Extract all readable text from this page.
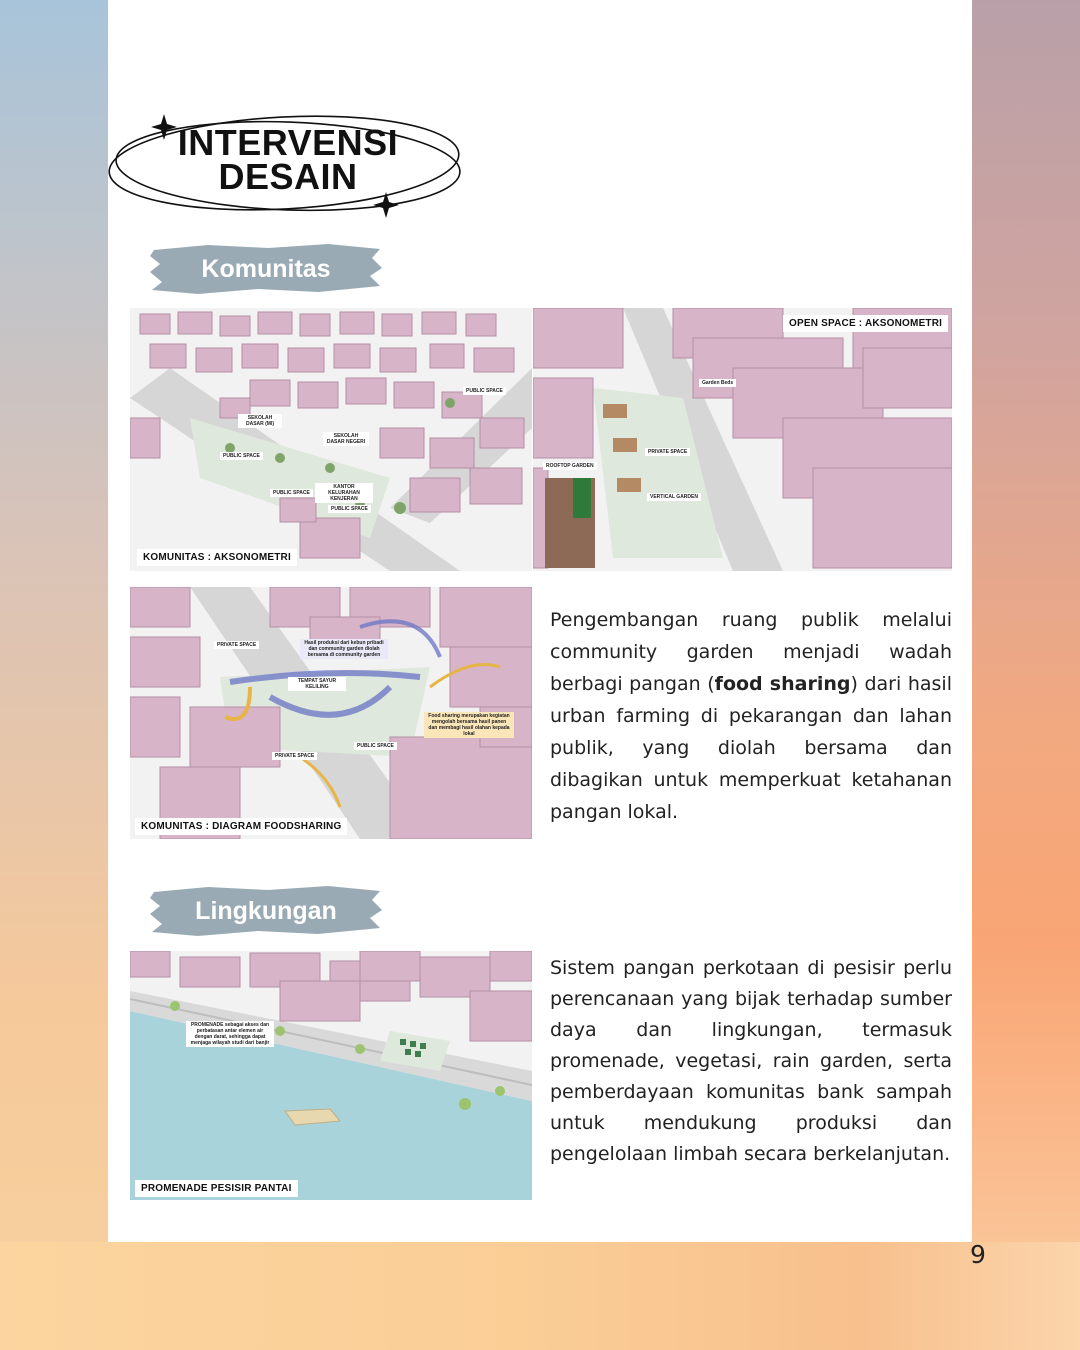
INTERVENSI
DESAIN
Komunitas
PUBLIC SPACE
SEKOLAH DASAR (MI)
SEKOLAH DASAR NEGERI
PUBLIC SPACE
PUBLIC SPACE
KANTOR KELURAHAN KENJERAN
PUBLIC SPACE
KOMUNITAS : AKSONOMETRI
OPEN SPACE : AKSONOMETRI
Garden Beds
PRIVATE SPACE
ROOFTOP GARDEN
VERTICAL GARDEN
PRIVATE SPACE	Hasil produksi dari kebun pribadi dan community garden diolah bersama di community garden
TEMPAT SAYUR KELILING
Food sharing merupakan kegiatan mengolah bersama hasil panen dan membagi hasil olahan kepada lokal
PRIVATE SPACE
PUBLIC SPACE
KOMUNITAS : DIAGRAM FOODSHARING
Pengembangan ruang publik melalui community garden menjadi wadah berbagi pangan (food sharing) dari hasil urban farming di pekarangan dan lahan publik, yang diolah bersama dan dibagikan untuk memperkuat ketahanan pangan lokal.
Lingkungan
PROMENADE sebagai akses dan perbatasan antar elemen air dengan darat, sehingga dapat menjaga wilayah studi dari banjir
PROMENADE PESISIR PANTAI
Sistem pangan perkotaan di pesisir perlu perencanaan yang bijak terhadap sumber daya dan lingkungan, termasuk promenade, vegetasi, rain garden, serta pemberdayaan komunitas bank sampah untuk mendukung produksi dan pengelolaan limbah secara berkelanjutan.
9
